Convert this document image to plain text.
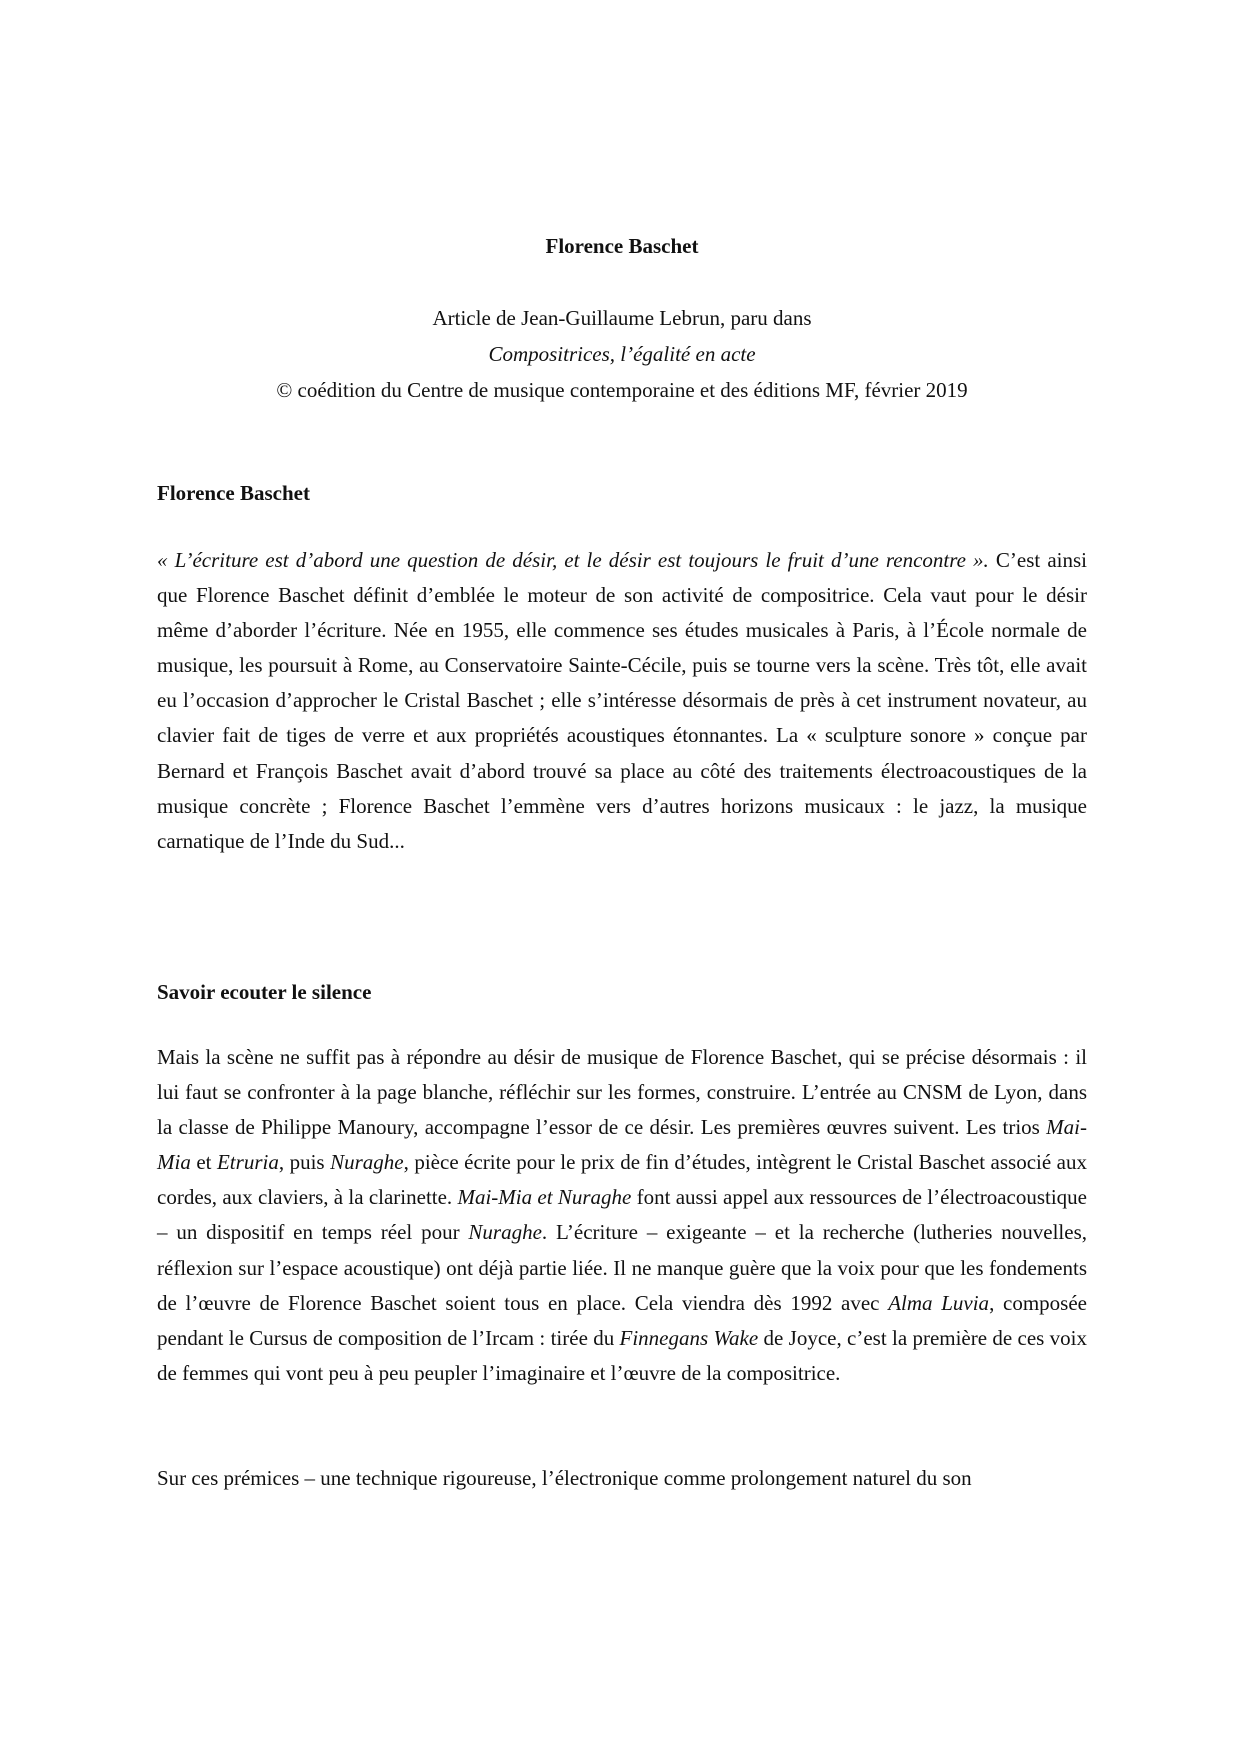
Florence Baschet
Article de Jean-Guillaume Lebrun, paru dans
Compositrices, l’égalité en acte
© coédition du Centre de musique contemporaine et des éditions MF, février 2019
Florence Baschet

« L’écriture est d’abord une question de désir, et le désir est toujours le fruit d’une rencontre ». C’est ainsi que Florence Baschet définit d’emblée le moteur de son activité de compositrice. Cela vaut pour le désir même d’aborder l’écriture. Née en 1955, elle commence ses études musicales à Paris, à l’École normale de musique, les poursuit à Rome, au Conservatoire Sainte-Cécile, puis se tourne vers la scène. Très tôt, elle avait eu l’occasion d’approcher le Cristal Baschet ; elle s’intéresse désormais de près à cet instrument novateur, au clavier fait de tiges de verre et aux propriétés acoustiques étonnantes. La « sculpture sonore » conçue par Bernard et François Baschet avait d’abord trouvé sa place au côté des traitements électroacoustiques de la musique concrète ; Florence Baschet l’emmène vers d’autres horizons musicaux : le jazz, la musique carnatique de l’Inde du Sud...

Savoir ecouter le silence

Mais la scène ne suffit pas à répondre au désir de musique de Florence Baschet, qui se précise désormais : il lui faut se confronter à la page blanche, réfléchir sur les formes, construire. L’entrée au CNSM de Lyon, dans la classe de Philippe Manoury, accompagne l’essor de ce désir. Les premières œuvres suivent. Les trios Mai-Mia et Etruria, puis Nuraghe, pièce écrite pour le prix de fin d’études, intègrent le Cristal Baschet associé aux cordes, aux claviers, à la clarinette. Mai-Mia et Nuraghe font aussi appel aux ressources de l’électroacoustique – un dispositif en temps réel pour Nuraghe. L’écriture – exigeante – et la recherche (lutheries nouvelles, réflexion sur l’espace acoustique) ont déjà partie liée. Il ne manque guère que la voix pour que les fondements de l’œuvre de Florence Baschet soient tous en place. Cela viendra dès 1992 avec Alma Luvia, composée pendant le Cursus de composition de l’Ircam : tirée du Finnegans Wake de Joyce, c’est la première de ces voix de femmes qui vont peu à peu peupler l’imaginaire et l’œuvre de la compositrice.

Sur ces prémices – une technique rigoureuse, l’électronique comme prolongement naturel du son
